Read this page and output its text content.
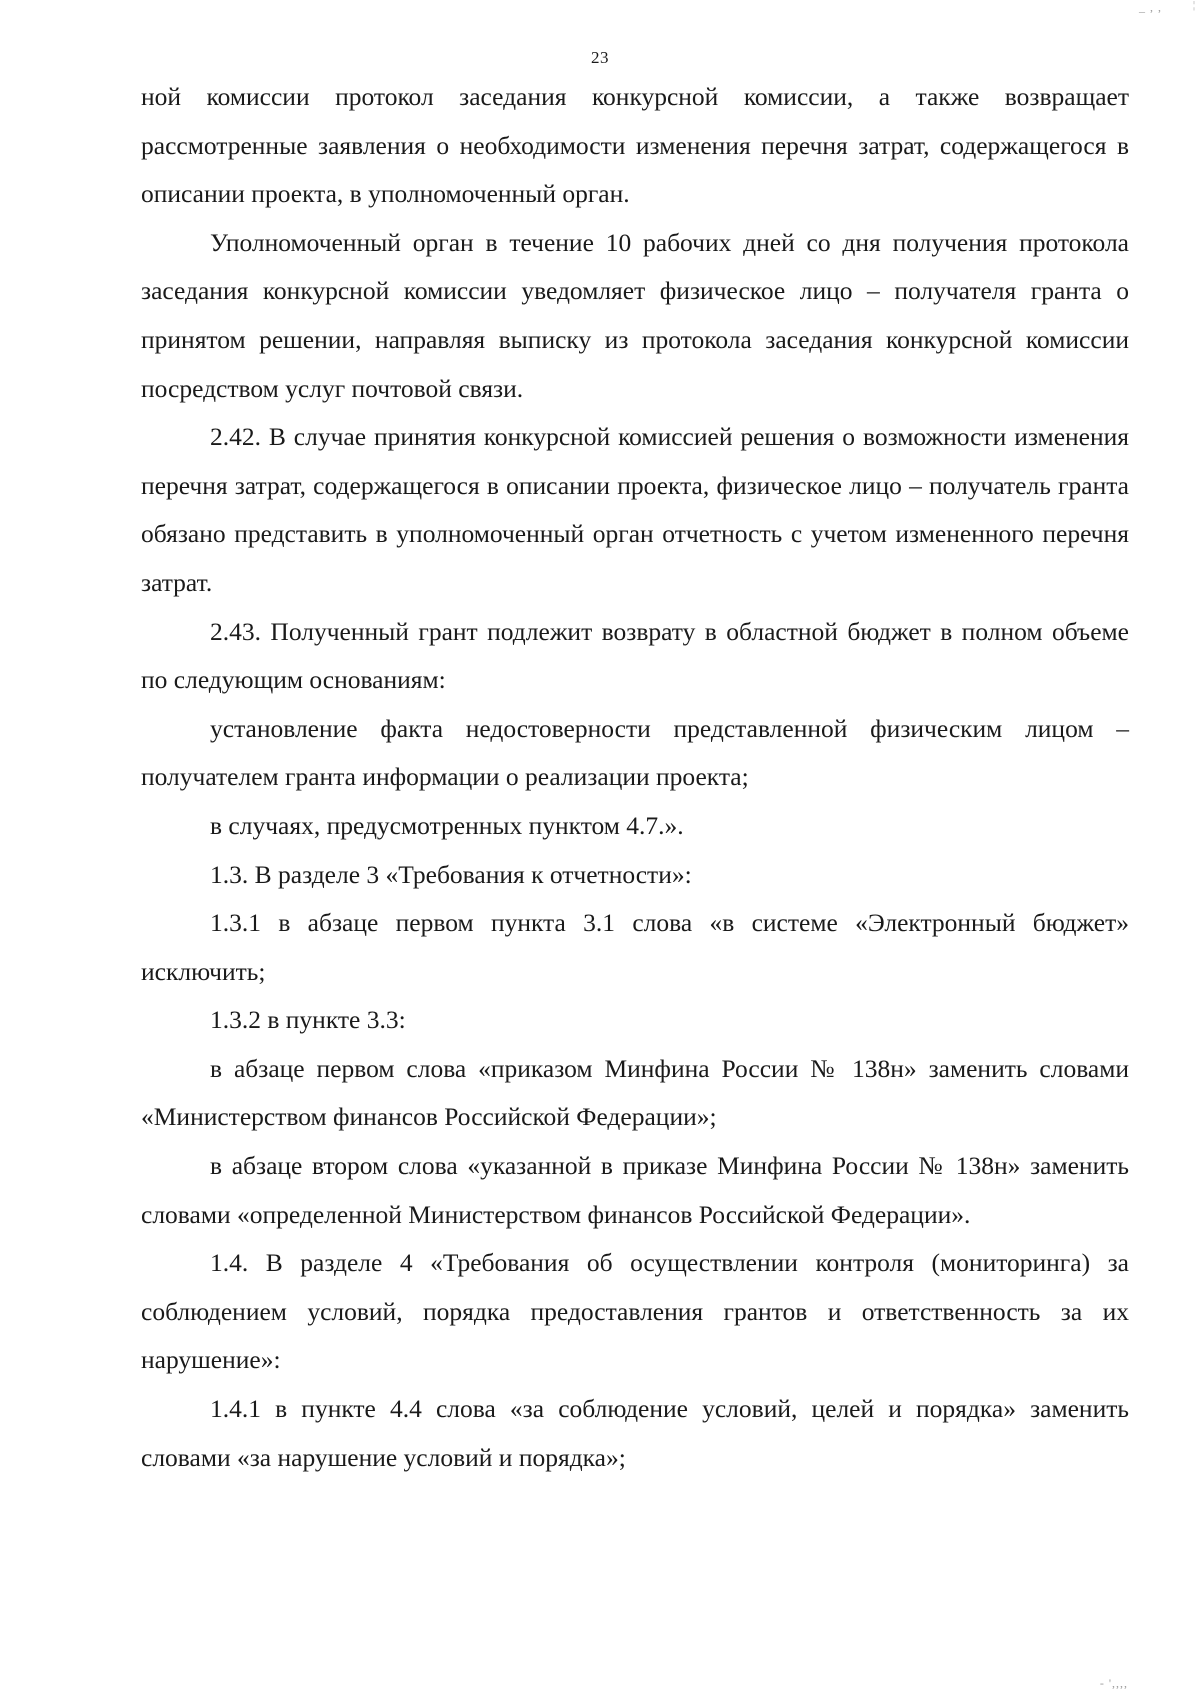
_ , ,	¦
23

ной комиссии протокол заседания конкурсной комиссии, а также возвращает рассмотренные заявления о необходимости изменения перечня затрат, содержащегося в описании проекта, в уполномоченный орган.

Уполномоченный орган в течение 10 рабочих дней со дня получения протокола заседания конкурсной комиссии уведомляет физическое лицо – получателя гранта о принятом решении, направляя выписку из протокола заседания конкурсной комиссии посредством услуг почтовой связи.

2.42. В случае принятия конкурсной комиссией решения о возможности изменения перечня затрат, содержащегося в описании проекта, физическое лицо – получатель гранта обязано представить в уполномоченный орган отчетность с учетом измененного перечня затрат.

2.43. Полученный грант подлежит возврату в областной бюджет в полном объеме по следующим основаниям:

установление факта недостоверности представленной физическим лицом – получателем гранта информации о реализации проекта;

в случаях, предусмотренных пунктом 4.7.».

1.3. В разделе 3 «Требования к отчетности»:

1.3.1 в абзаце первом пункта 3.1 слова «в системе «Электронный бюджет» исключить;

1.3.2 в пункте 3.3:

в абзаце первом слова «приказом Минфина России № 138н» заменить словами «Министерством финансов Российской Федерации»;

в абзаце втором слова «указанной в приказе Минфина России № 138н» заменить словами «определенной Министерством финансов Российской Федерации».

1.4. В разделе 4 «Требования об осуществлении контроля (мониторинга) за соблюдением условий, порядка предоставления грантов и ответственность за их нарушение»:

1.4.1 в пункте 4.4 слова «за соблюдение условий, целей и порядка» заменить словами «за нарушение условий и порядка»;

- ',,,,
